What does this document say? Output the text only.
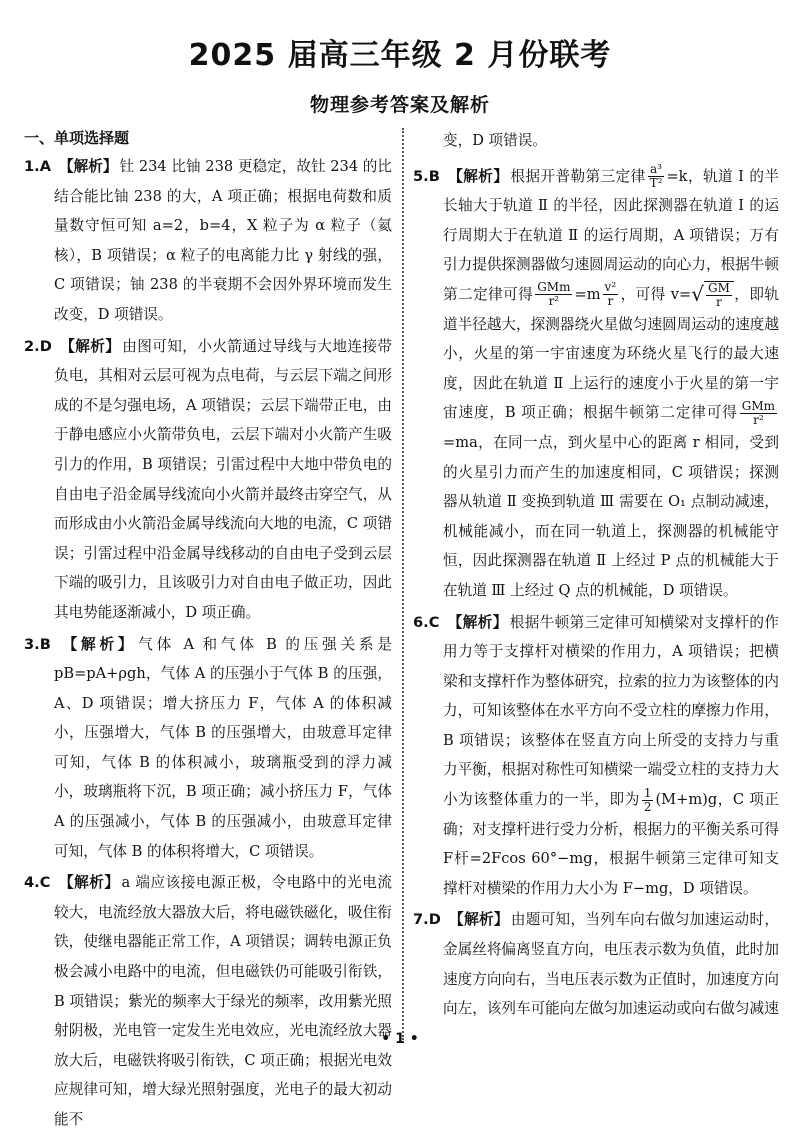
2025 届高三年级 2 月份联考
物理参考答案及解析
一、单项选择题

1.A 【解析】 钍 234 比铀 238 更稳定，故钍 234 的比结合能比铀 238 的大，A 项正确；根据电荷数和质量数守恒可知 a=2，b=4，X 粒子为 α 粒子（氦核），B 项错误；α 粒子的电离能力比 γ 射线的强，C 项错误；铀 238 的半衰期不会因外界环境而发生改变，D 项错误。

2.D 【解析】 由图可知，小火箭通过导线与大地连接带负电，其相对云层可视为点电荷，与云层下端之间形成的不是匀强电场，A 项错误；云层下端带正电，由于静电感应小火箭带负电，云层下端对小火箭产生吸引力的作用，B 项错误；引雷过程中大地中带负电的自由电子沿金属导线流向小火箭并最终击穿空气，从而形成由小火箭沿金属导线流向大地的电流，C 项错误；引雷过程中沿金属导线移动的自由电子受到云层下端的吸引力，且该吸引力对自由电子做正功，因此其电势能逐渐减小，D 项正确。

3.B 【解析】 气体 A 和气体 B 的压强关系是 pB=pA+ρgh，气体 A 的压强小于气体 B 的压强，A、D 项错误；增大挤压力 F，气体 A 的体积减小，压强增大，气体 B 的压强增大，由玻意耳定律可知，气体 B 的体积减小，玻璃瓶受到的浮力减小，玻璃瓶将下沉，B 项正确；减小挤压力 F，气体 A 的压强减小，气体 B 的压强减小，由玻意耳定律可知，气体 B 的体积将增大，C 项错误。

4.C 【解析】 a 端应该接电源正极，令电路中的光电流较大，电流经放大器放大后，将电磁铁磁化，吸住衔铁，使继电器能正常工作，A 项错误；调转电源正负极会减小电路中的电流，但电磁铁仍可能吸引衔铁，B 项错误；紫光的频率大于绿光的频率，改用紫光照射阴极，光电管一定发生光电效应，光电流经放大器放大后，电磁铁将吸引衔铁，C 项正确；根据光电效应规律可知，增大绿光照射强度，光电子的最大初动能不

变，D 项错误。

5.B 【解析】 根据开普勒第三定律 $\frac{\text{a³}}{\text{T²}} =k$，轨道 Ⅰ 的半长轴大于轨道 Ⅱ 的半径，因此探测器在轨道 Ⅰ 的运行周期大于在轨道 Ⅱ 的运行周期，A 项错误；万有引力提供探测器做匀速圆周运动的向心力，根据牛顿第二定律可得 $\frac{\text{GMm}}{\text{r²}} =m \frac{\text{v²}}{r}$ ，可得 $v=√ \frac{GM}{r}$ ，即轨道半径越大，探测器绕火星做匀速圆周运动的速度越小，火星的第一宇宙速度为环绕火星飞行的最大速度，因此在轨道 Ⅱ 上运行的速度小于火星的第一宇宙速度，B 项正确；根据牛顿第二定律可得 $\frac{\text{GMm}}{\text{r²}}$
=ma，在同一点，到火星中心的距离 r 相同，受到的火星引力而产生的加速度相同，C 项错误；探测器从轨道 Ⅱ 变换到轨道 Ⅲ 需要在 O₁ 点制动减速，机械能减小，而在同一轨道上，探测器的机械能守恒，因此探测器在轨道 Ⅱ 上经过 P 点的机械能大于在轨道 Ⅲ 上经过 Q 点的机械能，D 项错误。

6.C 【解析】 根据牛顿第三定律可知横梁对支撑杆的作用力等于支撑杆对横梁的作用力，A 项错误；把横梁和支撑杆作为整体研究，拉索的拉力为该整体的内力，可知该整体在水平方向不受立柱的摩擦力作用，B 项错误；该整体在竖直方向上所受的支持力与重力平衡，根据对称性可知横梁一端受立柱的支持力大小为该整体重力的一半，即为 $\frac{1}{2} (M+m)g$，C 项正确；对支撑杆进行受力分析，根据力的平衡关系可得 F杆=2Fcos 60°−mg，根据牛顿第三定律可知支撑杆对横梁的作用力大小为 F−mg，D 项错误。

7.D 【解析】 由题可知，当列车向右做匀加速运动时，金属丝将偏离竖直方向，电压表示数为负值，此时加速度方向向右，当电压表示数为正值时，加速度方向向左，该列车可能向左做匀加速运动或向右做匀减速

• 1 •
